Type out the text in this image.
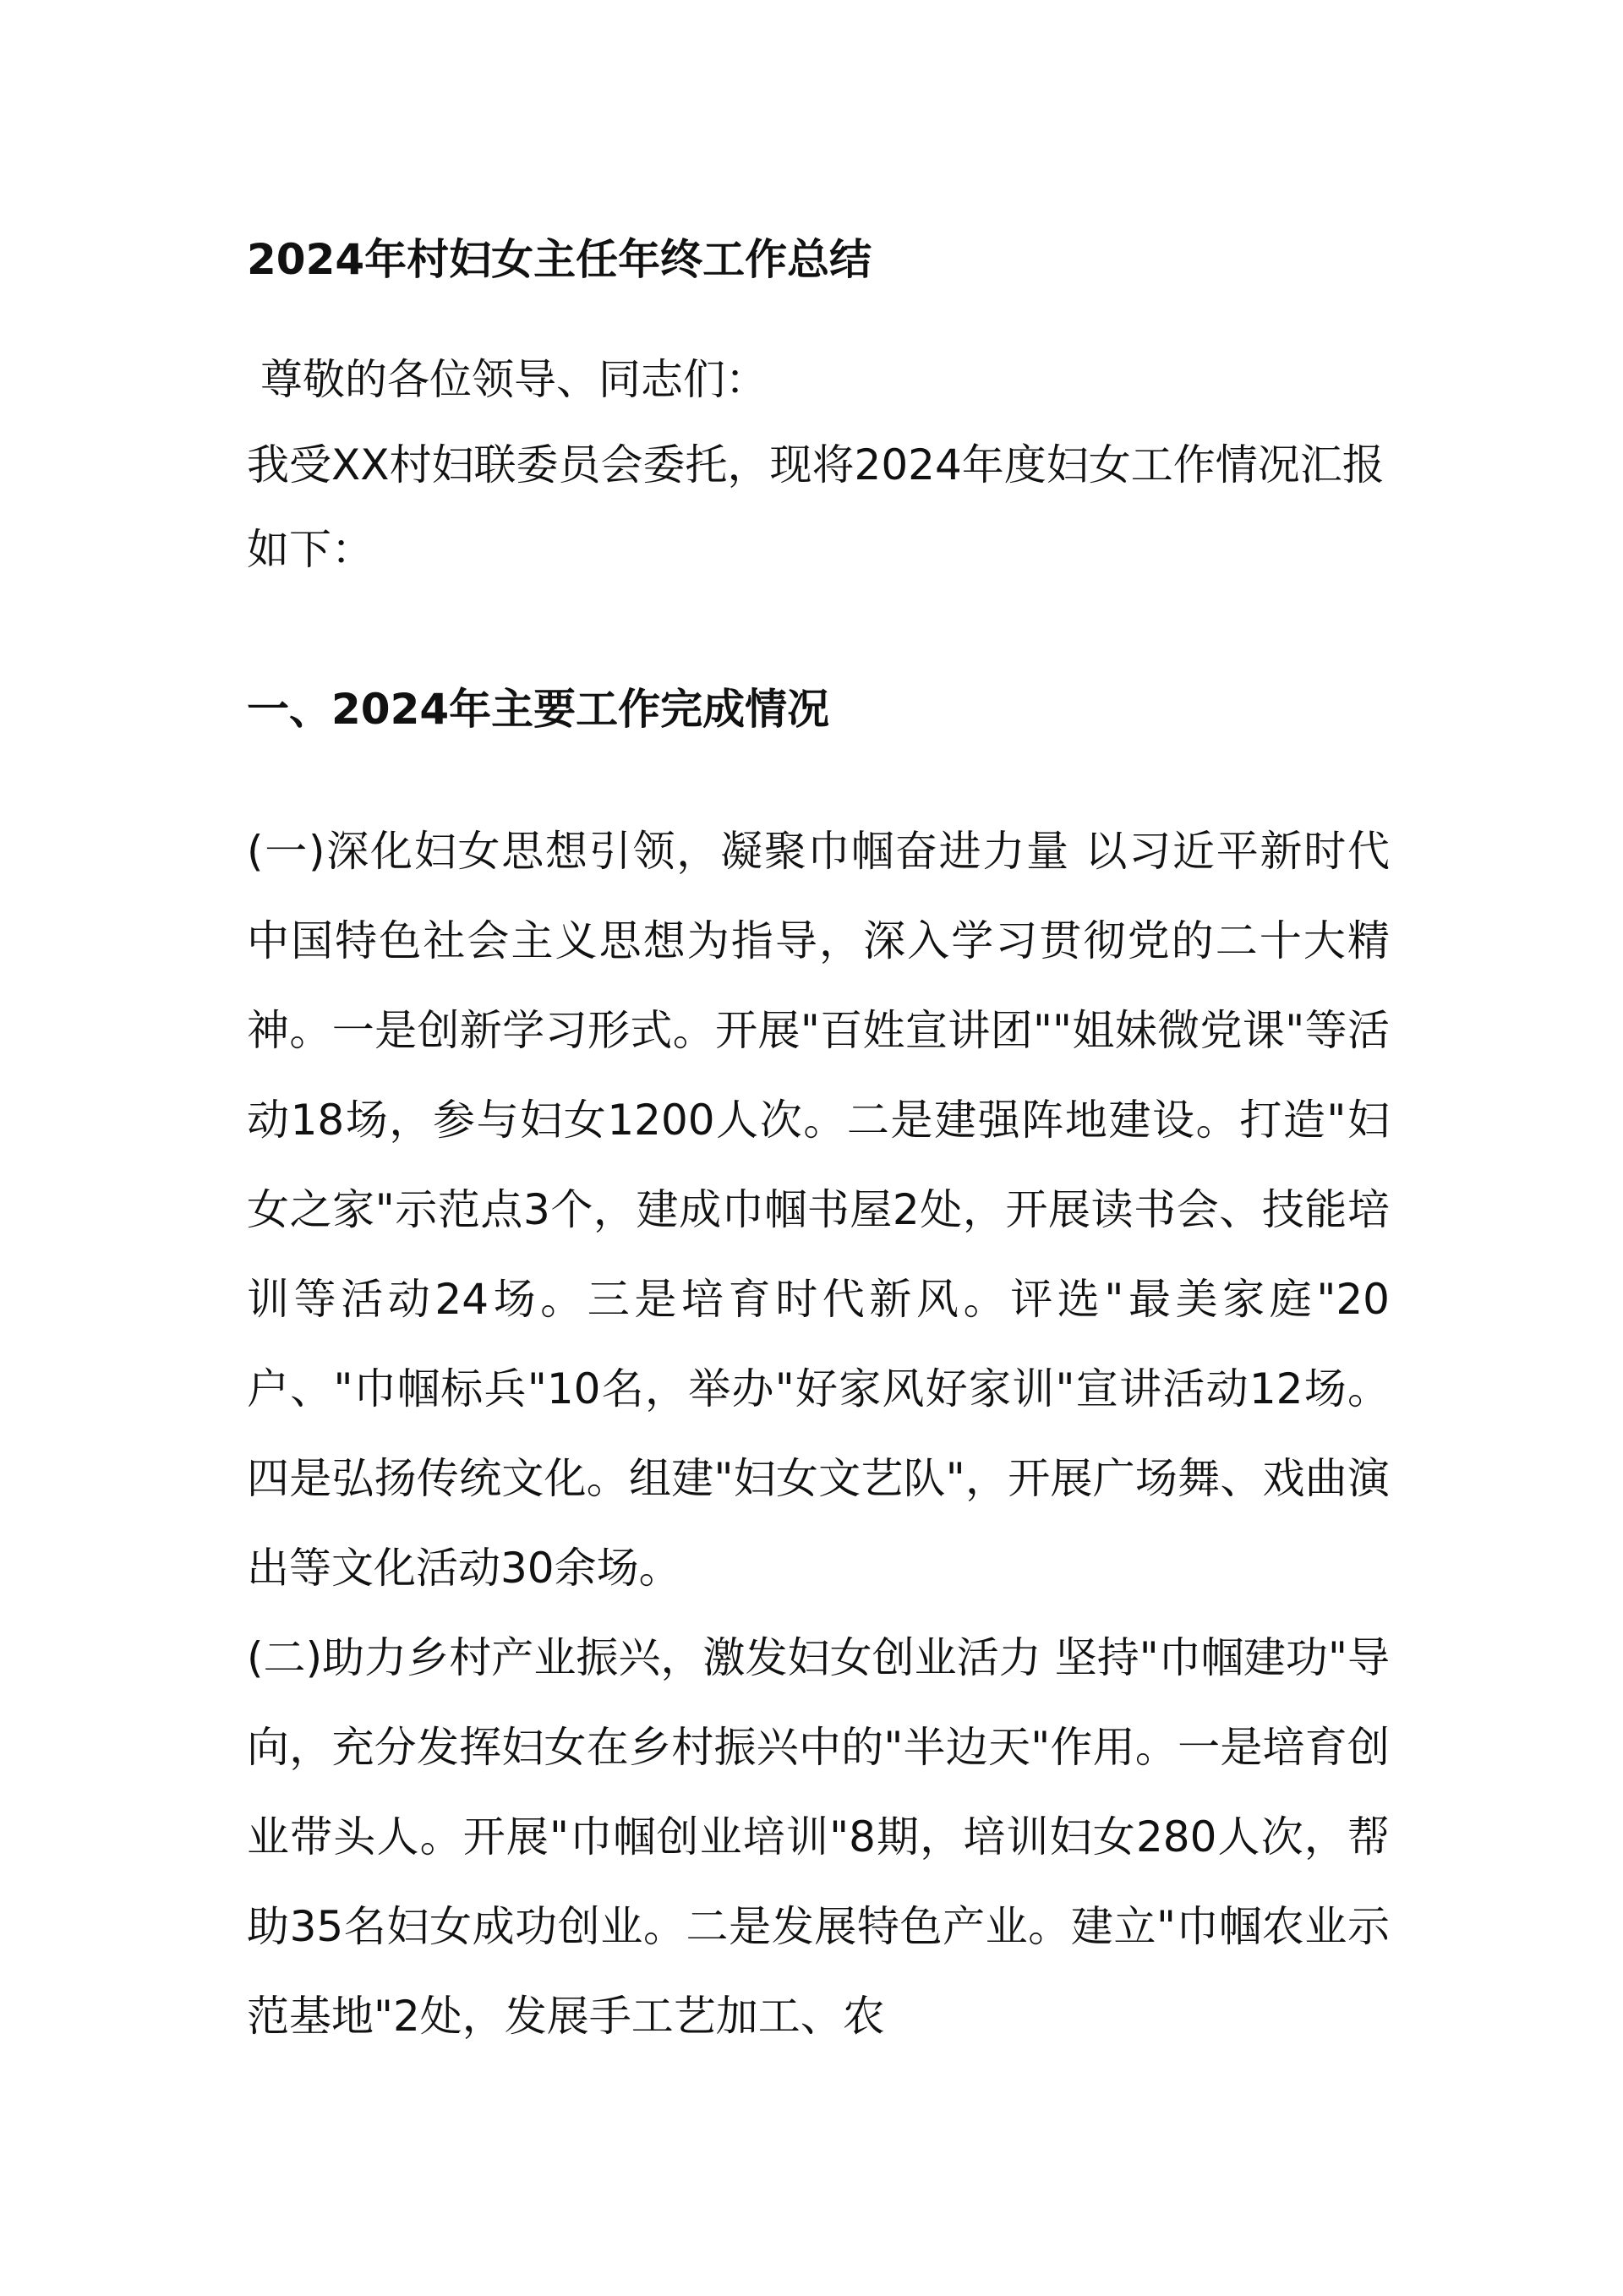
2024年村妇女主任年终工作总结

尊敬的各位领导、同志们：

我受XX村妇联委员会委托，现将2024年度妇女工作情况汇报如下：

一、2024年主要工作完成情况

(一)深化妇女思想引领，凝聚巾帼奋进力量 以习近平新时代中国特色社会主义思想为指导，深入学习贯彻党的二十大精神。一是创新学习形式。开展"百姓宣讲团""姐妹微党课"等活动18场，参与妇女1200人次。二是建强阵地建设。打造"妇女之家"示范点3个，建成巾帼书屋2处，开展读书会、技能培训等活动24场。三是培育时代新风。评选"最美家庭"20户、"巾帼标兵"10名，举办"好家风好家训"宣讲活动12场。四是弘扬传统文化。组建"妇女文艺队"，开展广场舞、戏曲演出等文化活动30余场。

(二)助力乡村产业振兴，激发妇女创业活力 坚持"巾帼建功"导向，充分发挥妇女在乡村振兴中的"半边天"作用。一是培育创业带头人。开展"巾帼创业培训"8期，培训妇女280人次，帮助35名妇女成功创业。二是发展特色产业。建立"巾帼农业示范基地"2处，发展手工艺加工、农
